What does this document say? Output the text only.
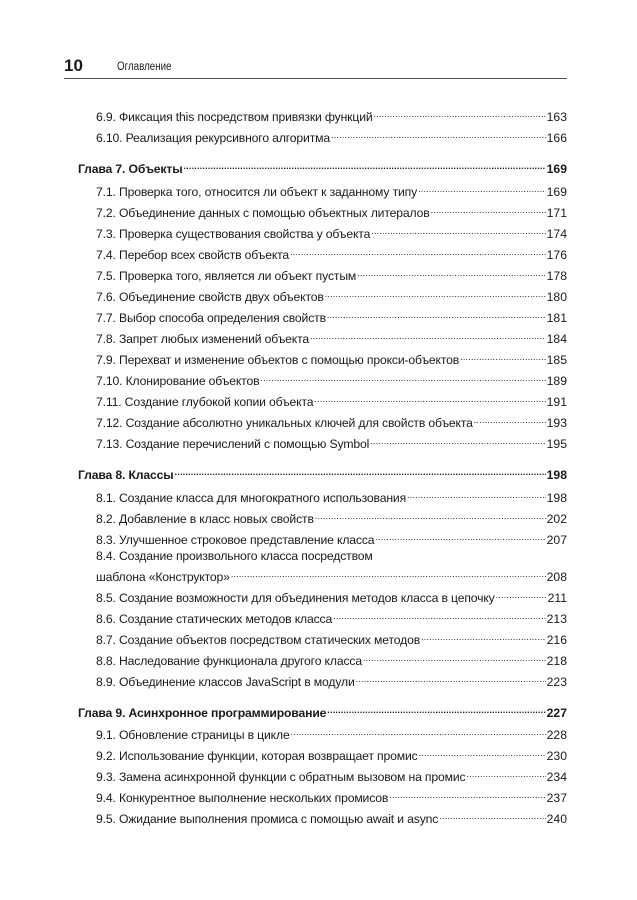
10	Оглавление
6.9. Фиксация this посредством привязки функций .....	163
6.10. Реализация рекурсивного алгоритма .....	166
Глава 7. Объекты .....	169
7.1. Проверка того, относится ли объект к заданному типу .....	169
7.2. Объединение данных с помощью объектных литералов .....	171
7.3. Проверка существования свойства у объекта .....	174
7.4. Перебор всех свойств объекта .....	176
7.5. Проверка того, является ли объект пустым .....	178
7.6. Объединение свойств двух объектов .....	180
7.7. Выбор способа определения свойств .....	181
7.8. Запрет любых изменений объекта .....	184
7.9. Перехват и изменение объектов с помощью прокси-объектов .....	185
7.10. Клонирование объектов .....	189
7.11. Создание глубокой копии объекта .....	191
7.12. Создание абсолютно уникальных ключей для свойств объекта .....	193
7.13. Создание перечислений с помощью Symbol .....	195
Глава 8. Классы .....	198
8.1. Создание класса для многократного использования .....	198
8.2. Добавление в класс новых свойств .....	202
8.3. Улучшенное строковое представление класса .....	207
8.4. Создание произвольного класса посредством
шаблона «Конструктор» .....	208
8.5. Создание возможности для объединения методов класса в цепочку .....	211
8.6. Создание статических методов класса .....	213
8.7. Создание объектов посредством статических методов .....	216
8.8. Наследование функционала другого класса .....	218
8.9. Объединение классов JavaScript в модули .....	223
Глава 9. Асинхронное программирование .....	227
9.1. Обновление страницы в цикле .....	228
9.2. Использование функции, которая возвращает промис .....	230
9.3. Замена асинхронной функции с обратным вызовом на промис .....	234
9.4. Конкурентное выполнение нескольких промисов .....	237
9.5. Ожидание выполнения промиса с помощью await и async .....	240
